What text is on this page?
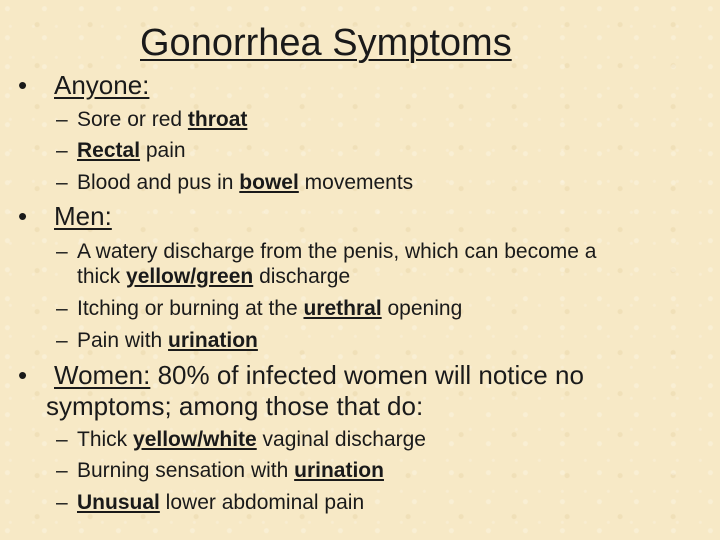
Gonorrhea Symptoms
• Anyone:
– Sore or red throat
– Rectal pain
– Blood and pus in bowel movements
• Men:
– A watery discharge from the penis, which can become a
thick yellow/green discharge
– Itching or burning at the urethral opening
– Pain with urination
• Women: 80% of infected women will notice no
symptoms; among those that do:
– Thick yellow/white vaginal discharge
– Burning sensation with urination
– Unusual lower abdominal pain
